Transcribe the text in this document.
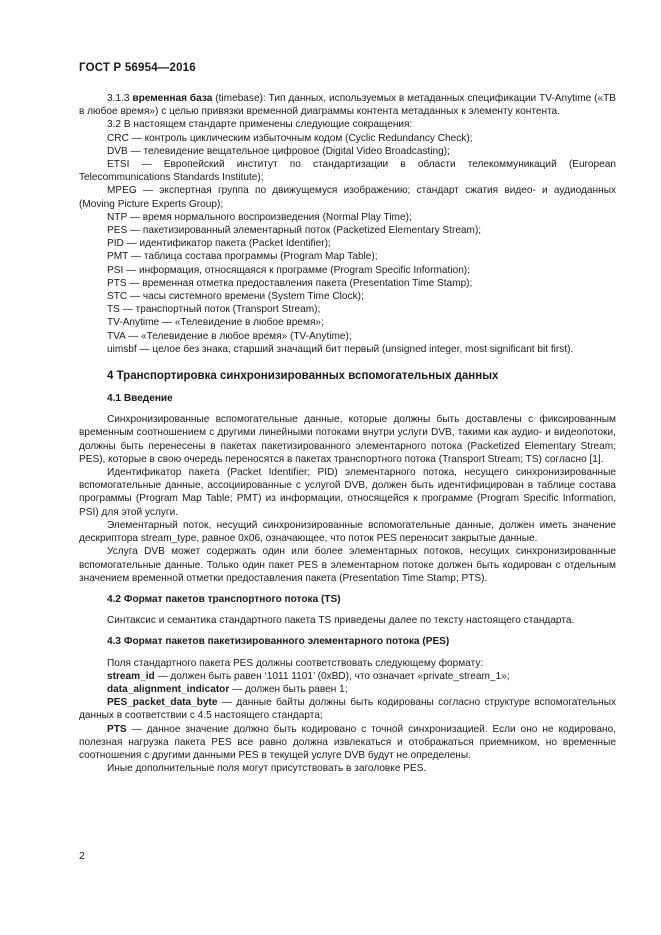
ГОСТ Р 56954—2016

3.1.3 временная база (timebase): Тип данных, используемых в метаданных спецификации TV-Anytime («ТВ в любое время») с целью привязки временной диаграммы контента метаданных к элементу контента.

3.2 В настоящем стандарте применены следующие сокращения:

CRC — контроль циклическим избыточным кодом (Cyclic Redundancy Check);

DVB — телевидение вещательное цифровое (Digital Video Broadcasting);

ETSI — Европейский институт по стандартизации в области телекоммуникаций (European Telecommunications Standards Institute);

MPEG — экспертная группа по движущемуся изображению; стандарт сжатия видео- и аудиоданных (Moving Picture Experts Group);

NTP — время нормального воспроизведения (Normal Play Time);

PES — пакетизированный элементарный поток (Packetized Elementary Stream);

PID — идентификатор пакета (Packet Identifier);

PMT — таблица состава программы (Program Map Table);

PSI — информация, относящаяся к программе (Program Specific Information);

PTS — временная отметка предоставления пакета (Presentation Time Stamp);

STC — часы системного времени (System Time Clock);

TS — транспортный поток (Transport Stream);

TV-Anytime — «Телевидение в любое время»;

TVA — «Телевидение в любое время» (TV-Anytime);

uimsbf — целое без знака, старший значащий бит первый (unsigned integer, most significant bit first).

4 Транспортировка синхронизированных вспомогательных данных

4.1 Введение

Синхронизированные вспомогательные данные, которые должны быть доставлены с фиксированным временным соотношением с другими линейными потоками внутри услуги DVB, такими как аудио- и видеопотоки, должны быть перенесены в пакетах пакетизированного элементарного потока (Packetized Elementary Stream; PES), которые в свою очередь переносятся в пакетах транспортного потока (Transport Stream; TS) согласно [1].

Идентификатор пакета (Packet Identifier; PID) элементарного потока, несущего синхронизированные вспомогательные данные, ассоциированные с услугой DVB, должен быть идентифицирован в таблице состава программы (Program Map Table; PMT) из информации, относящейся к программе (Program Specific Information, PSI) для этой услуги.

Элементарный поток, несущий синхронизированные вспомогательные данные, должен иметь значение дескриптора stream_type, равное 0x06, означающее, что поток PES переносит закрытые данные.

Услуга DVB может содержать один или более элементарных потоков, несущих синхронизированные вспомогательные данные. Только один пакет PES в элементарном потоке должен быть кодирован с отдельным значением временной отметки предоставления пакета (Presentation Time Stamp; PTS).

4.2 Формат пакетов транспортного потока (TS)

Синтаксис и семантика стандартного пакета TS приведены далее по тексту настоящего стандарта.

4.3 Формат пакетов пакетизированного элементарного потока (PES)

Поля стандартного пакета PES должны соответствовать следующему формату:

stream_id — должен быть равен ‘1011 1101’ (0xBD), что означает «private_stream_1»;

data_alignment_indicator — должен быть равен 1;

PES_packet_data_byte — данные байты должны быть кодированы согласно структуре вспомогательных данных в соответствии с 4.5 настоящего стандарта;

PTS — данное значение должно быть кодировано с точной синхронизацией. Если оно не кодировано, полезная нагрузка пакета PES все равно должна извлекаться и отображаться приемником, но временные соотношения с другими данными PES в текущей услуге DVB будут не определены.

Иные дополнительные поля могут присутствовать в заголовке PES.

2
